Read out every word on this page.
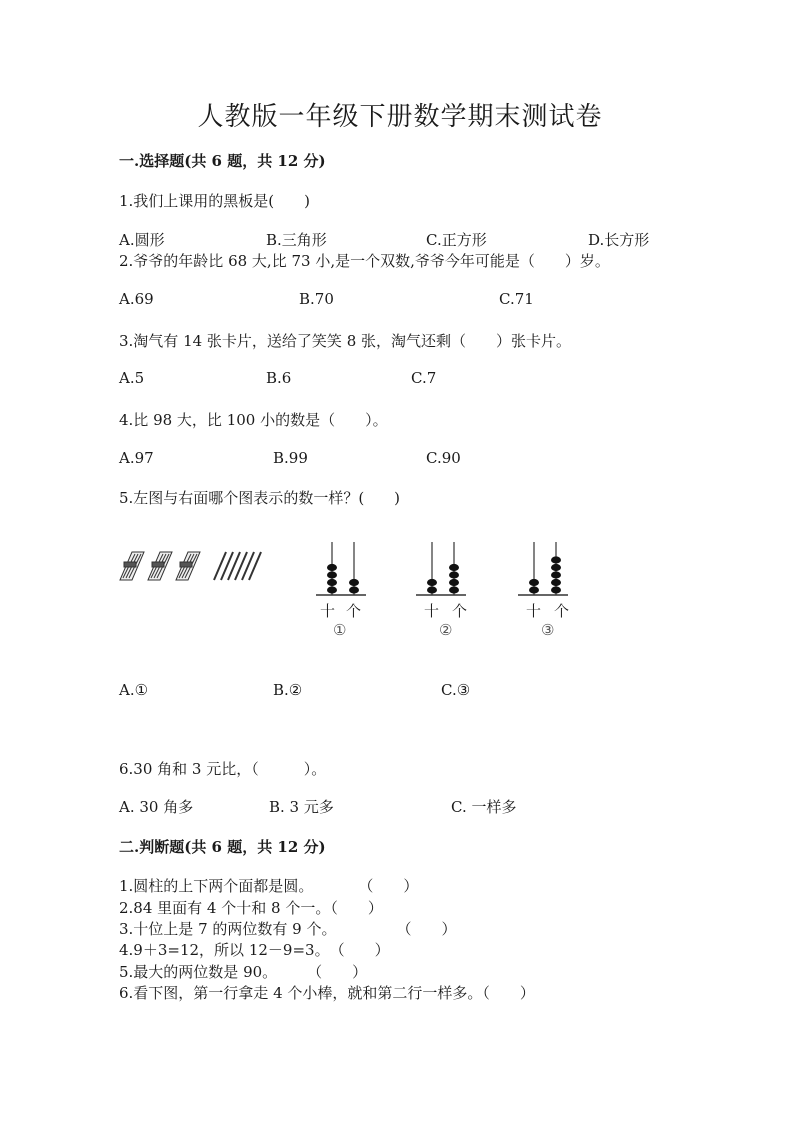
人教版一年级下册数学期末测试卷
一.选择题(共 6 题，共 12 分)
1.我们上课用的黑板是(　　)
A.圆形	B.三角形	C.正方形	D.长方形
2.爷爷的年龄比 68 大,比 73 小,是一个双数,爷爷今年可能是（　　）岁。
A.69	B.70	C.71
3.淘气有 14 张卡片，送给了笑笑 8 张，淘气还剩（　　）张卡片。
A.5	B.6	C.7
4.比 98 大，比 100 小的数是（　　）。
A.97	B.99	C.90
5.左图与右面哪个图表示的数一样？(　　)
十 个
①
十 个
②
十 个
③
A.①	B.②	C.③
6.30 角和 3 元比，（　　　）。
A. 30 角多	B. 3 元多	C. 一样多
二.判断题(共 6 题，共 12 分)
1.圆柱的上下两个面都是圆。　　　　（　　）
2.84 里面有 4 个十和 8 个一。（　　）
3.十位上是 7 的两位数有 9 个。　　　　　（　　）
4.9＋3=12，所以 12－9=3。　（　　）
5.最大的两位数是 90。　　　（　　）
6.看下图，第一行拿走 4 个小棒，就和第二行一样多。（　　）
